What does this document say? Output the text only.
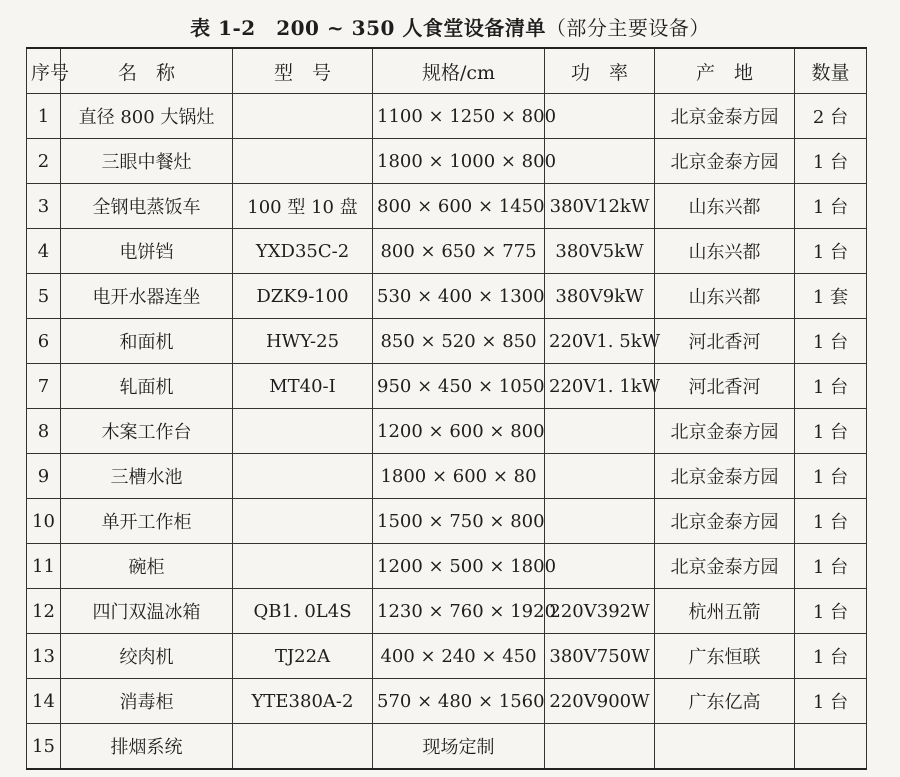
表 1-2　200 ~ 350 人食堂设备清单（部分主要设备）
序号	名　称	型　号	规格/cm	功　率	产　地	数量
1	直径 800 大锅灶		1100 × 1250 × 800		北京金泰方园	2 台
2	三眼中餐灶		1800 × 1000 × 800		北京金泰方园	1 台
3	全钢电蒸饭车	100 型 10 盘	800 × 600 × 1450	380V12kW	山东兴都	1 台
4	电饼铛	YXD35C-2	800 × 650 × 775	380V5kW	山东兴都	1 台
5	电开水器连坐	DZK9-100	530 × 400 × 1300	380V9kW	山东兴都	1 套
6	和面机	HWY-25	850 × 520 × 850	220V1. 5kW	河北香河	1 台
7	轧面机	MT40-I	950 × 450 × 1050	220V1. 1kW	河北香河	1 台
8	木案工作台		1200 × 600 × 800		北京金泰方园	1 台
9	三槽水池		1800 × 600 × 80		北京金泰方园	1 台
10	单开工作柜		1500 × 750 × 800		北京金泰方园	1 台
11	碗柜		1200 × 500 × 1800		北京金泰方园	1 台
12	四门双温冰箱	QB1. 0L4S	1230 × 760 × 1920	220V392W	杭州五箭	1 台
13	绞肉机	TJ22A	400 × 240 × 450	380V750W	广东恒联	1 台
14	消毒柜	YTE380A-2	570 × 480 × 1560	220V900W	广东亿高	1 台
15	排烟系统		现场定制			
